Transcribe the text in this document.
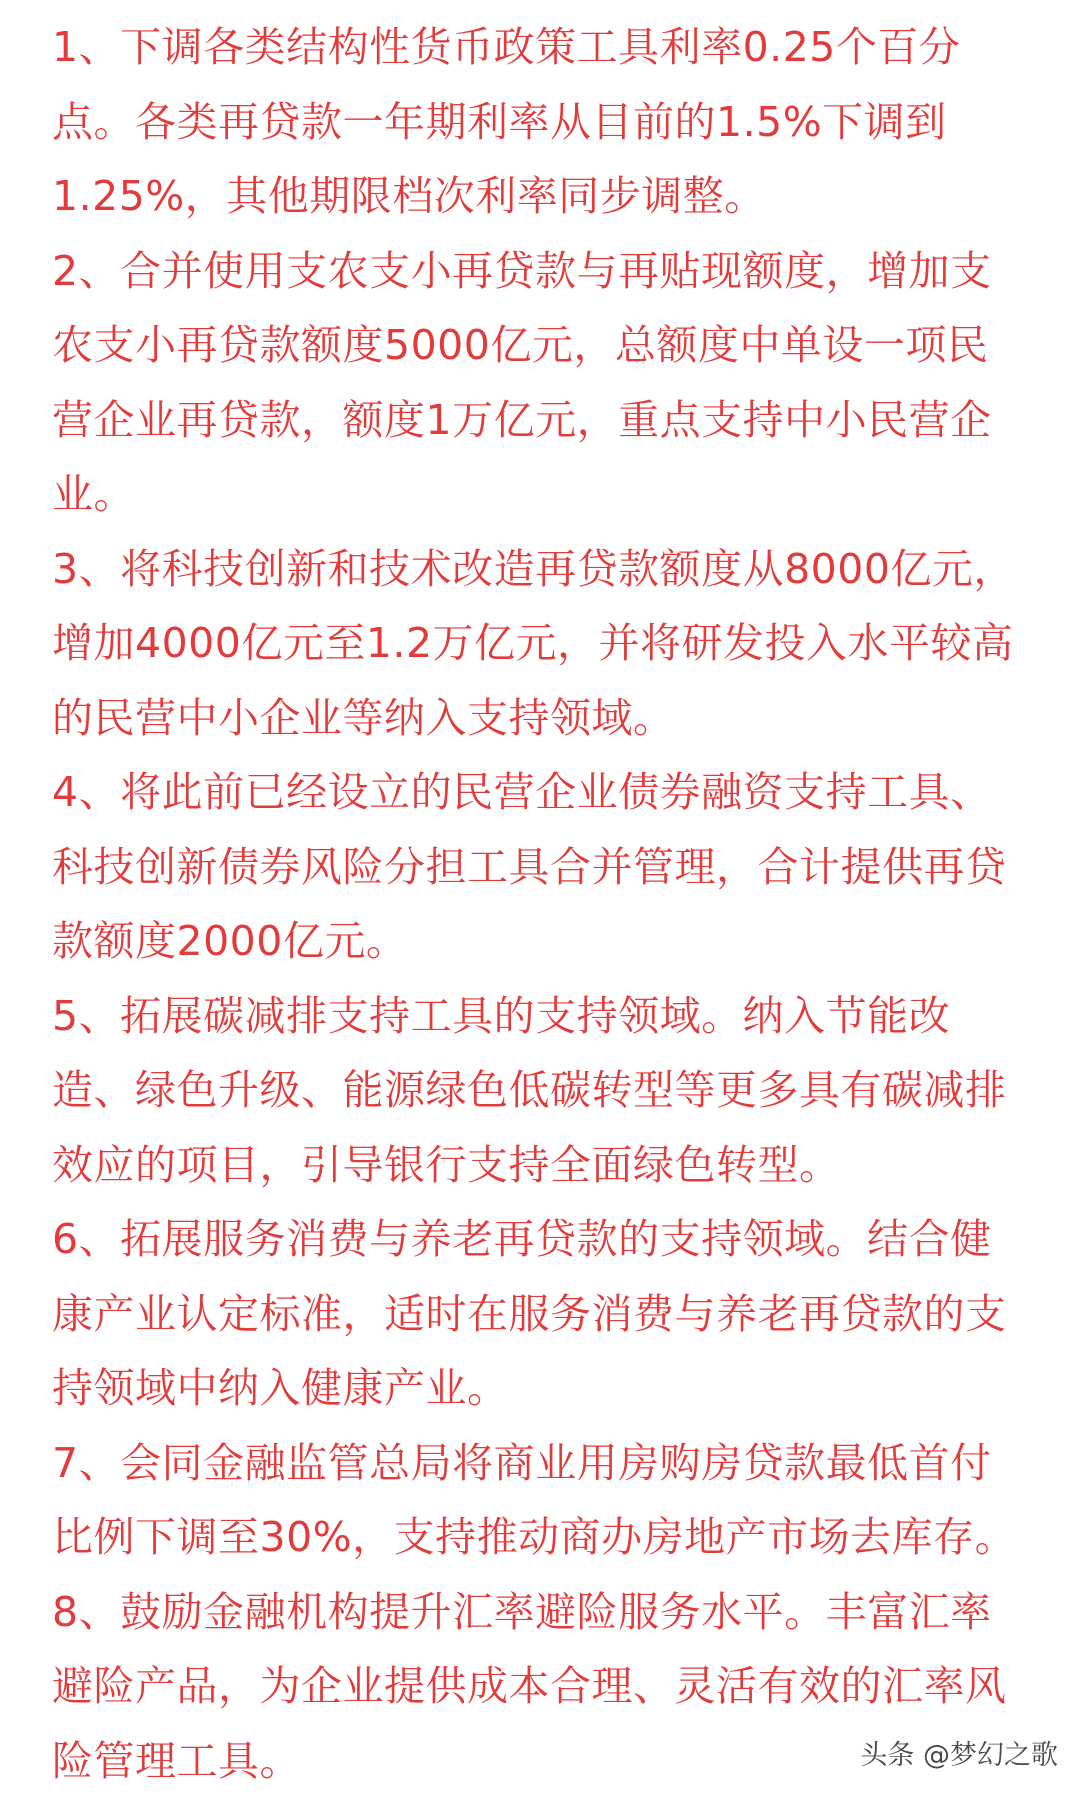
1、下调各类结构性货币政策工具利率0.25个百分
点。各类再贷款一年期利率从目前的1.5%下调到
1.25%，其他期限档次利率同步调整。
2、合并使用支农支小再贷款与再贴现额度，增加支
农支小再贷款额度5000亿元，总额度中单设一项民
营企业再贷款，额度1万亿元，重点支持中小民营企
业。
3、将科技创新和技术改造再贷款额度从8000亿元，
增加4000亿元至1.2万亿元，并将研发投入水平较高
的民营中小企业等纳入支持领域。
4、将此前已经设立的民营企业债券融资支持工具、
科技创新债券风险分担工具合并管理，合计提供再贷
款额度2000亿元。
5、拓展碳减排支持工具的支持领域。纳入节能改
造、绿色升级、能源绿色低碳转型等更多具有碳减排
效应的项目，引导银行支持全面绿色转型。
6、拓展服务消费与养老再贷款的支持领域。结合健
康产业认定标准，适时在服务消费与养老再贷款的支
持领域中纳入健康产业。
7、会同金融监管总局将商业用房购房贷款最低首付
比例下调至30%，支持推动商办房地产市场去库存。
8、鼓励金融机构提升汇率避险服务水平。丰富汇率
避险产品，为企业提供成本合理、灵活有效的汇率风
险管理工具。	头条 @梦幻之歌
